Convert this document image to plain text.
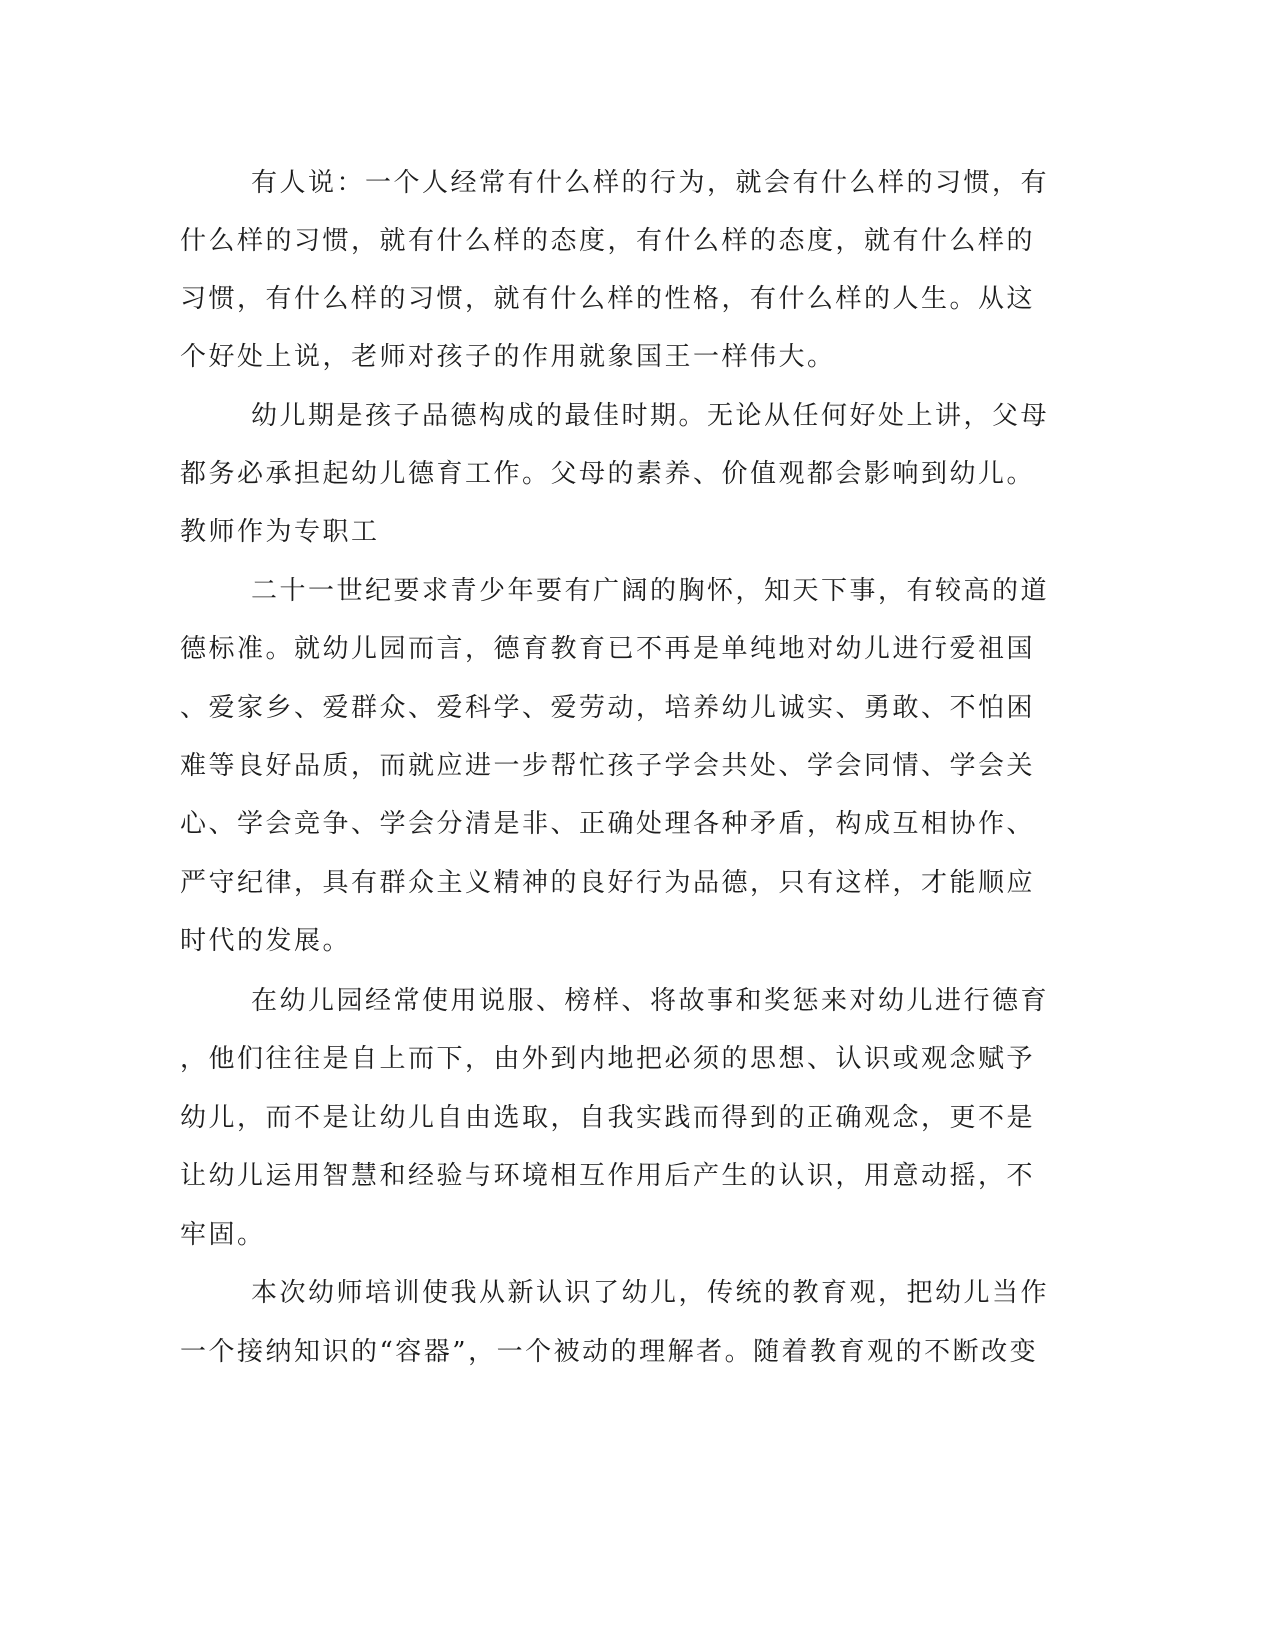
有人说：一个人经常有什么样的行为，就会有什么样的习惯，有
什么样的习惯，就有什么样的态度，有什么样的态度，就有什么样的
习惯，有什么样的习惯，就有什么样的性格，有什么样的人生。从这
个好处上说，老师对孩子的作用就象国王一样伟大。
幼儿期是孩子品德构成的最佳时期。无论从任何好处上讲，父母
都务必承担起幼儿德育工作。父母的素养、价值观都会影响到幼儿。
教师作为专职工
二十一世纪要求青少年要有广阔的胸怀，知天下事，有较高的道
德标准。就幼儿园而言，德育教育已不再是单纯地对幼儿进行爱祖国
、爱家乡、爱群众、爱科学、爱劳动，培养幼儿诚实、勇敢、不怕困
难等良好品质，而就应进一步帮忙孩子学会共处、学会同情、学会关
心、学会竞争、学会分清是非、正确处理各种矛盾，构成互相协作、
严守纪律，具有群众主义精神的良好行为品德，只有这样，才能顺应
时代的发展。
在幼儿园经常使用说服、榜样、将故事和奖惩来对幼儿进行德育
，他们往往是自上而下，由外到内地把必须的思想、认识或观念赋予
幼儿，而不是让幼儿自由选取，自我实践而得到的正确观念，更不是
让幼儿运用智慧和经验与环境相互作用后产生的认识，用意动摇，不
牢固。
本次幼师培训使我从新认识了幼儿，传统的教育观，把幼儿当作
一个接纳知识的“容器”，一个被动的理解者。随着教育观的不断改变
